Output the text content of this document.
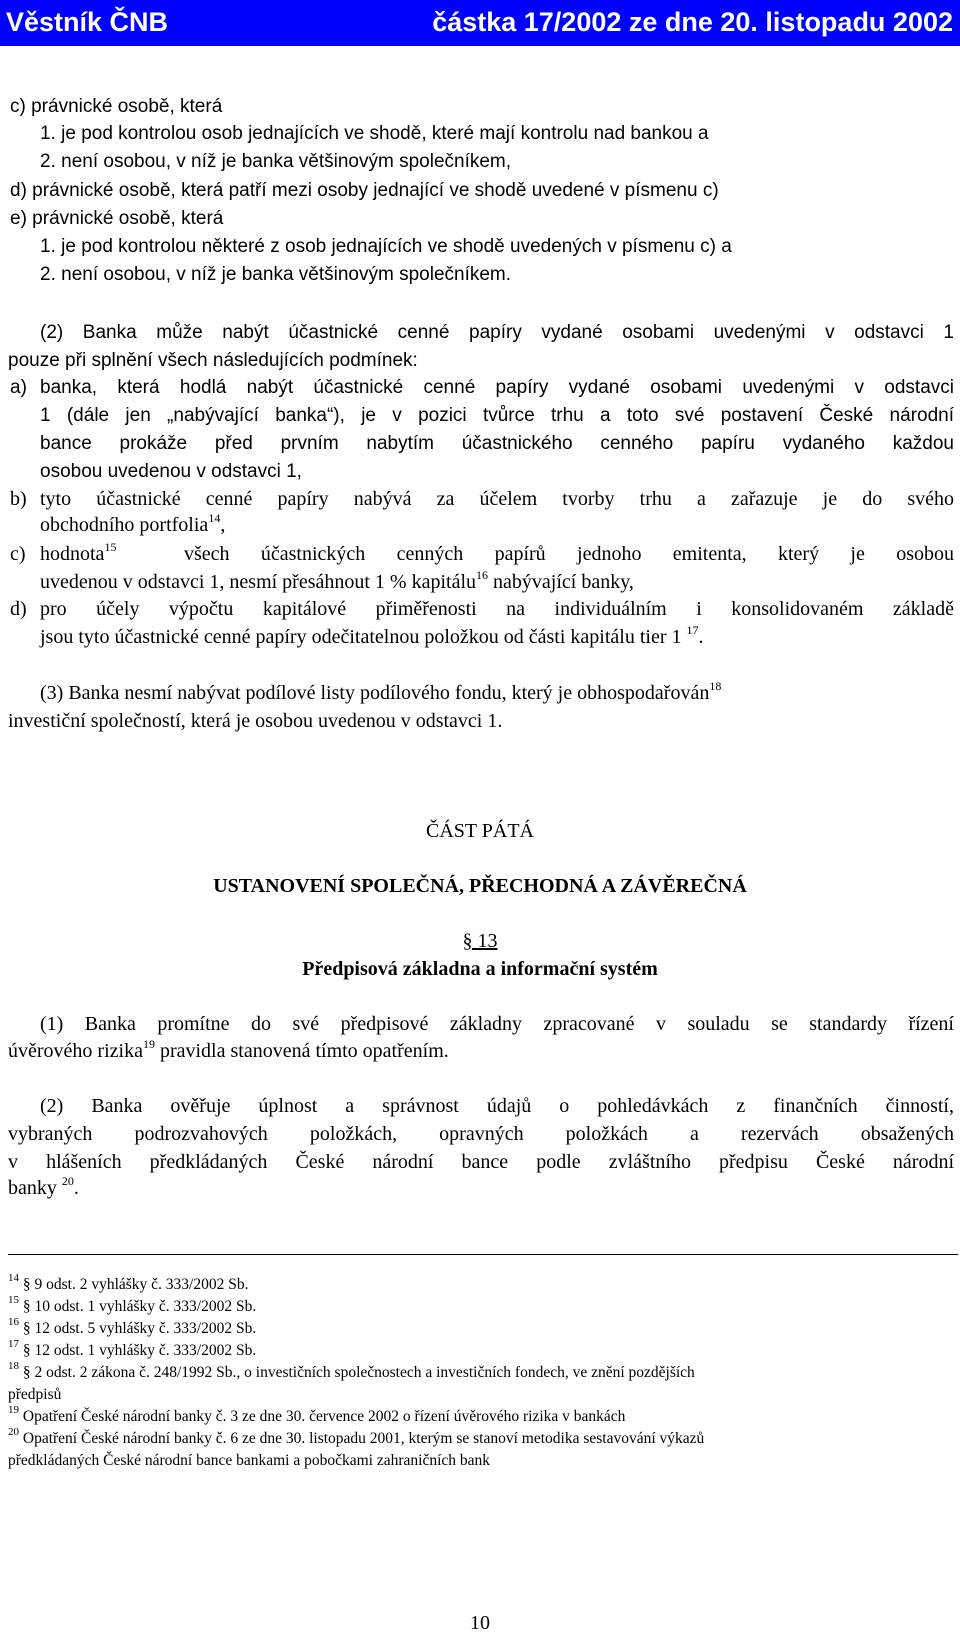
Věstník ČNB	částka 17/2002 ze dne 20. listopadu 2002
c) právnické osobě, která
1. je pod kontrolou osob jednajících ve shodě, které mají kontrolu nad bankou a
2. není osobou, v níž je banka většinovým společníkem,
d) právnické osobě, která patří mezi osoby jednající ve shodě uvedené v písmenu c)
e) právnické osobě, která
1. je pod kontrolou některé z osob jednajících ve shodě uvedených v písmenu c) a
2. není osobou, v níž je banka většinovým společníkem.
(2) Banka může nabýt účastnické cenné papíry vydané osobami uvedenými v odstavci 1
pouze při splnění všech následujících podmínek:
a) banka, která hodlá nabýt účastnické cenné papíry vydané osobami uvedenými v odstavci
1 (dále jen „nabývající banka“), je v pozici tvůrce trhu a toto své postavení České národní
bance prokáže před prvním nabytím účastnického cenného papíru vydaného každou
osobou uvedenou v odstavci 1,
b) tyto účastnické cenné papíry nabývá za účelem tvorby trhu a zařazuje je do svého
obchodního portfolia$^{14}$,
c) hodnota$^{15}$	všech účastnických cenných papírů jednoho emitenta, který je osobou
uvedenou v odstavci 1, nesmí přesáhnout 1 % kapitálu$^{16}$ nabývající banky,
d) pro účely výpočtu kapitálové přiměřenosti na individuálním i konsolidovaném základě
jsou tyto účastnické cenné papíry odečitatelnou položkou od části kapitálu tier 1 $^{17}$.
(3) Banka nesmí nabývat podílové listy podílového fondu, který je obhospodařován$^{18}$
investiční společností, která je osobou uvedenou v odstavci 1.
ČÁST PÁTÁ
USTANOVENÍ SPOLEČNÁ, PŘECHODNÁ A ZÁVĚREČNÁ
§ 13
Předpisová základna a informační systém
(1) Banka promítne do své předpisové základny zpracované v souladu se standardy řízení
úvěrového rizika$^{19}$ pravidla stanovená tímto opatřením.
(2) Banka ověřuje úplnost a správnost údajů o pohledávkách z finančních činností,
vybraných podrozvahových položkách, opravných položkách a rezervách obsažených
v hlášeních předkládaných České národní bance podle zvláštního předpisu České národní
banky $^{20}$.
$^{14}$ § 9 odst. 2 vyhlášky č. 333/2002 Sb.
$^{15}$ § 10 odst. 1 vyhlášky č. 333/2002 Sb.
$^{16}$ § 12 odst. 5 vyhlášky č. 333/2002 Sb.
$^{17}$ § 12 odst. 1 vyhlášky č. 333/2002 Sb.
$^{18}$ § 2 odst. 2 zákona č. 248/1992 Sb., o investičních společnostech a investičních fondech, ve znění pozdějších
předpisů
$^{19}$ Opatření České národní banky č. 3 ze dne 30. července 2002 o řízení úvěrového rizika v bankách
$^{20}$ Opatření České národní banky č. 6 ze dne 30. listopadu 2001, kterým se stanoví metodika sestavování výkazů
předkládaných České národní bance bankami a pobočkami zahraničních bank
10
